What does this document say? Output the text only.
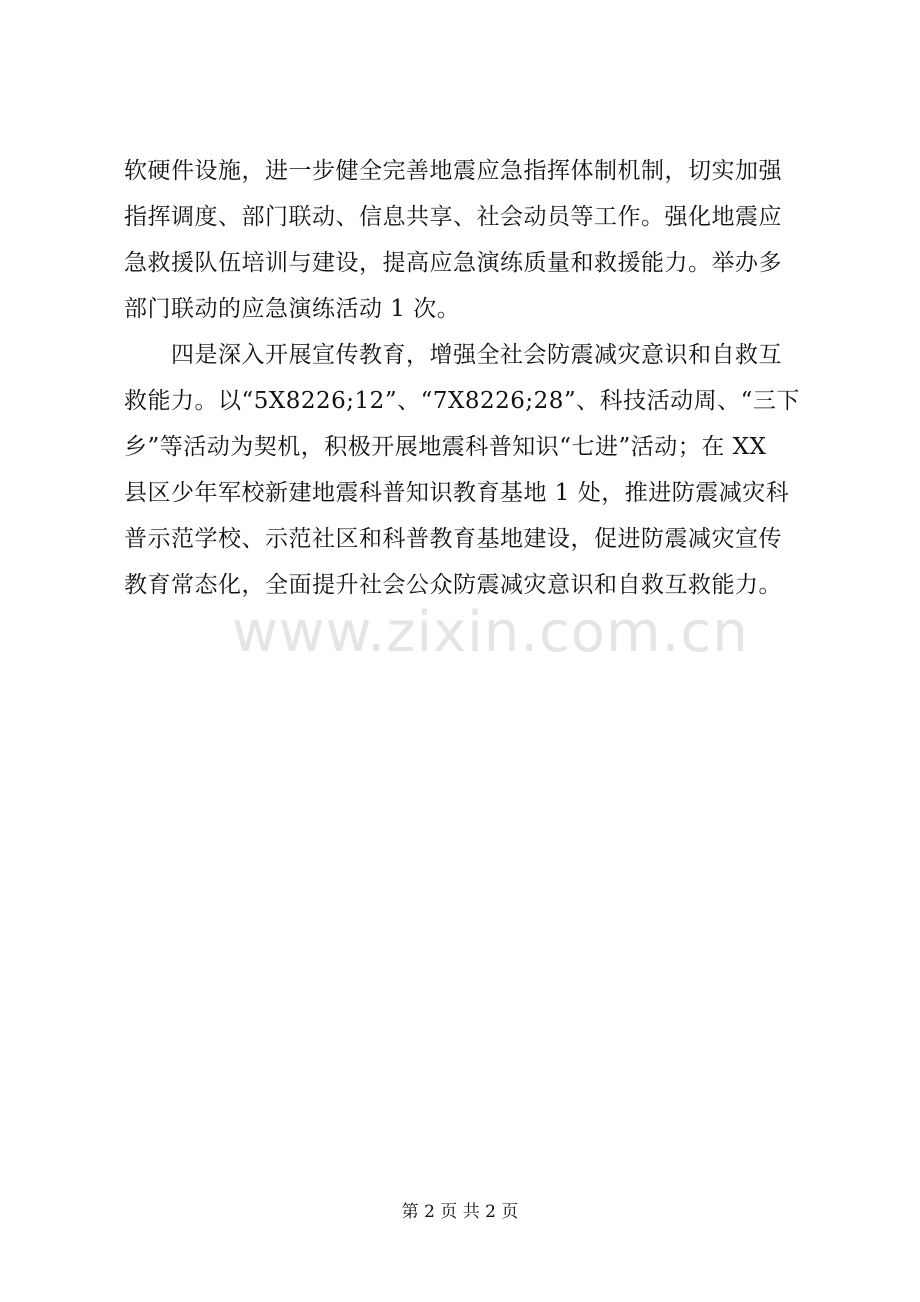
软硬件设施，进一步健全完善地震应急指挥体制机制，切实加强
指挥调度、部门联动、信息共享、社会动员等工作。强化地震应
急救援队伍培训与建设，提高应急演练质量和救援能力。举办多
部门联动的应急演练活动 1 次。
　　四是深入开展宣传教育，增强全社会防震减灾意识和自救互
救能力。以“5X8226;12”、“7X8226;28”、科技活动周、“三下
乡”等活动为契机，积极开展地震科普知识“七进”活动；在 XX
县区少年军校新建地震科普知识教育基地 1 处，推进防震减灾科
普示范学校、示范社区和科普教育基地建设，促进防震减灾宣传
教育常态化，全面提升社会公众防震减灾意识和自救互救能力。
www.zixin.com.cn
第 2 页 共 2 页
